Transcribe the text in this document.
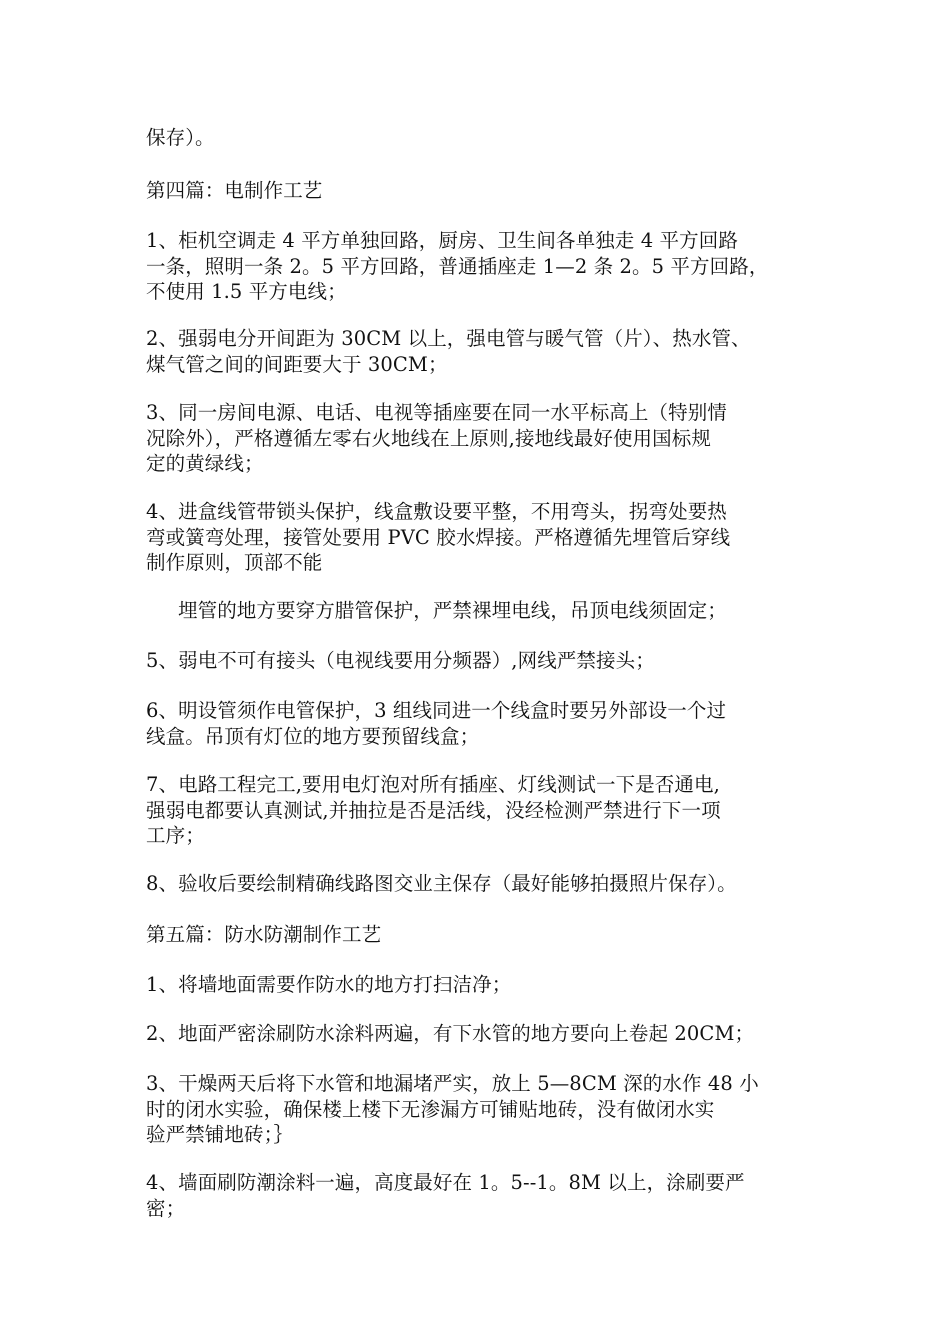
保存）。
第四篇：电制作工艺
1、柜机空调走 4 平方单独回路，厨房、卫生间各单独走 4 平方回路
一条，照明一条 2。5 平方回路，普通插座走 1—2 条 2。5 平方回路，
不使用 1.5 平方电线；
2、强弱电分开间距为 30CM 以上，强电管与暖气管（片）、热水管、
煤气管之间的间距要大于 30CM；
3、同一房间电源、电话、电视等插座要在同一水平标高上（特别情
况除外），严格遵循左零右火地线在上原则,接地线最好使用国标规
定的黄绿线；
4、进盒线管带锁头保护，线盒敷设要平整，不用弯头，拐弯处要热
弯或簧弯处理，接管处要用 PVC 胶水焊接。严格遵循先埋管后穿线
制作原则，顶部不能
埋管的地方要穿方腊管保护，严禁裸埋电线，吊顶电线须固定；
5、弱电不可有接头（电视线要用分频器）,网线严禁接头；
6、明设管须作电管保护，3 组线同进一个线盒时要另外部设一个过
线盒。吊顶有灯位的地方要预留线盒；
7、电路工程完工,要用电灯泡对所有插座、灯线测试一下是否通电,
强弱电都要认真测试,并抽拉是否是活线，没经检测严禁进行下一项
工序；
8、验收后要绘制精确线路图交业主保存（最好能够拍摄照片保存）。
第五篇：防水防潮制作工艺
1、将墙地面需要作防水的地方打扫洁净；
2、地面严密涂刷防水涂料两遍，有下水管的地方要向上卷起 20CM；
3、干燥两天后将下水管和地漏堵严实，放上 5—8CM 深的水作 48 小
时的闭水实验，确保楼上楼下无渗漏方可铺贴地砖，没有做闭水实
验严禁铺地砖；｝
4、墙面刷防潮涂料一遍，高度最好在 1。5--1。8M 以上，涂刷要严
密；
